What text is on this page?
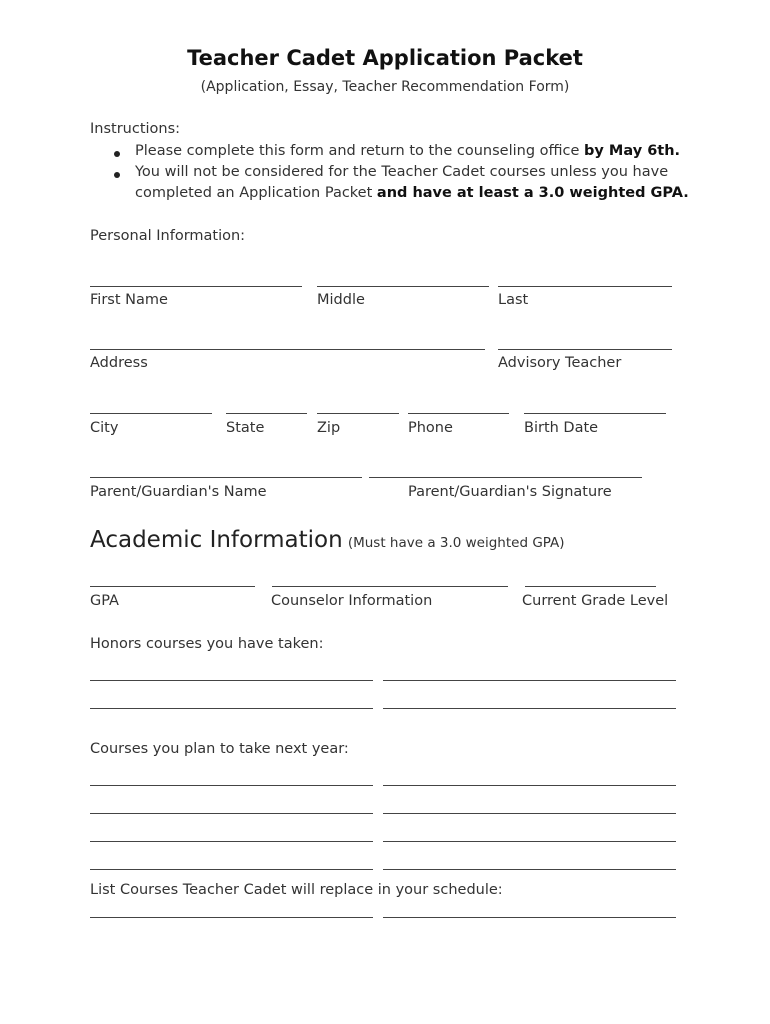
Teacher Cadet Application Packet
(Application, Essay, Teacher Recommendation Form)
Instructions:
Please complete this form and return to the counseling office by May 6th.
You will not be considered for the Teacher Cadet courses unless you have
completed an Application Packet and have at least a 3.0 weighted GPA.
Personal Information:
First Name	Middle	Last
Address	Advisory Teacher
City	State	Zip	Phone	Birth Date
Parent/Guardian's Name	Parent/Guardian's Signature
Academic Information (Must have a 3.0 weighted GPA)
GPA	Counselor Information	Current Grade Level
Honors courses you have taken:
Courses you plan to take next year:
List Courses Teacher Cadet will replace in your schedule:
